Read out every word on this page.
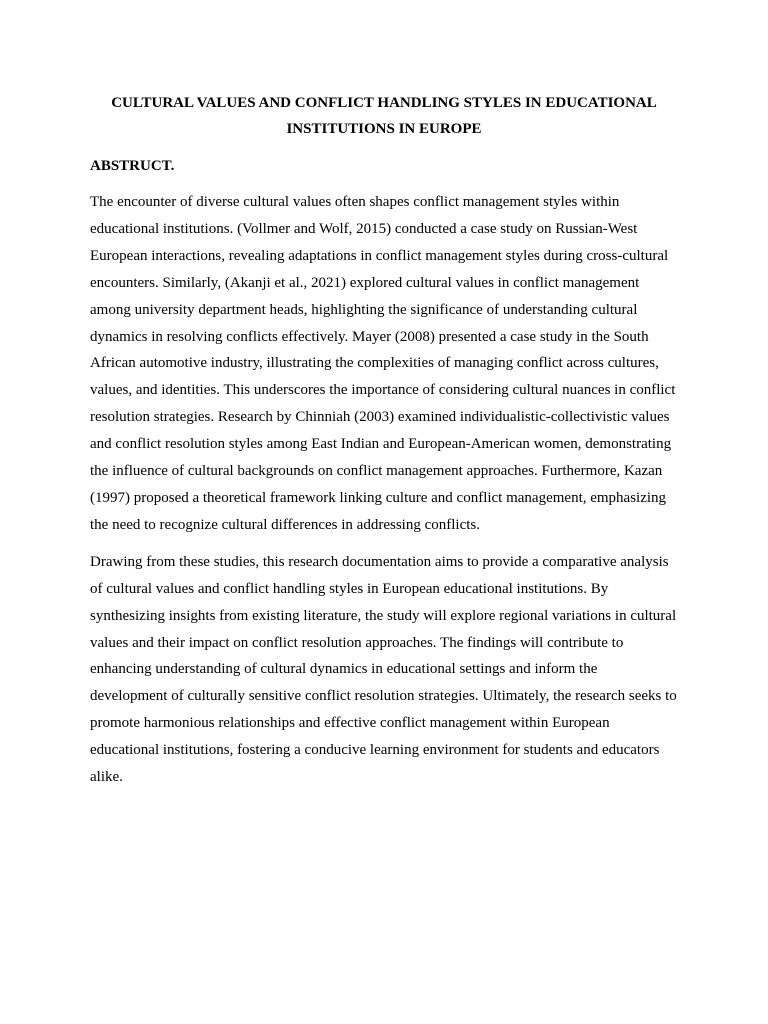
CULTURAL VALUES AND CONFLICT HANDLING STYLES IN EDUCATIONAL INSTITUTIONS IN EUROPE
ABSTRUCT.

The encounter of diverse cultural values often shapes conflict management styles within educational institutions. (Vollmer and Wolf, 2015) conducted a case study on Russian-West European interactions, revealing adaptations in conflict management styles during cross-cultural encounters. Similarly, (Akanji et al., 2021) explored cultural values in conflict management among university department heads, highlighting the significance of understanding cultural dynamics in resolving conflicts effectively. Mayer (2008) presented a case study in the South African automotive industry, illustrating the complexities of managing conflict across cultures, values, and identities. This underscores the importance of considering cultural nuances in conflict resolution strategies. Research by Chinniah (2003) examined individualistic-collectivistic values and conflict resolution styles among East Indian and European-American women, demonstrating the influence of cultural backgrounds on conflict management approaches. Furthermore, Kazan (1997) proposed a theoretical framework linking culture and conflict management, emphasizing the need to recognize cultural differences in addressing conflicts.

Drawing from these studies, this research documentation aims to provide a comparative analysis of cultural values and conflict handling styles in European educational institutions. By synthesizing insights from existing literature, the study will explore regional variations in cultural values and their impact on conflict resolution approaches. The findings will contribute to enhancing understanding of cultural dynamics in educational settings and inform the development of culturally sensitive conflict resolution strategies. Ultimately, the research seeks to promote harmonious relationships and effective conflict management within European educational institutions, fostering a conducive learning environment for students and educators alike.
